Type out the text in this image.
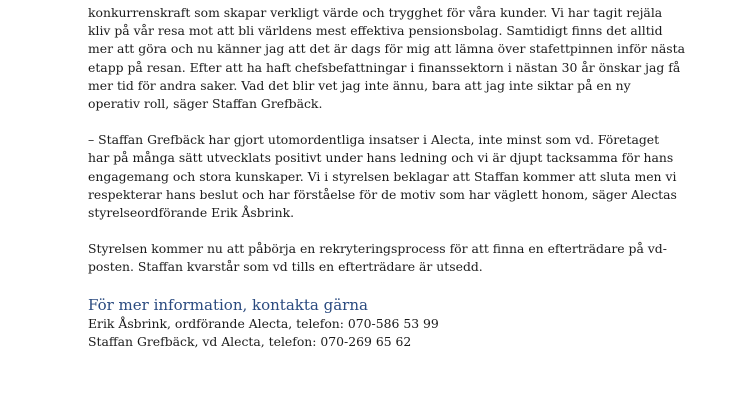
konkurrenskraft som skapar verkligt värde och trygghet för våra kunder. Vi har tagit rejäla
kliv på vår resa mot att bli världens mest effektiva pensionsbolag. Samtidigt finns det alltid
mer att göra och nu känner jag att det är dags för mig att lämna över stafettpinnen inför nästa
etapp på resan. Efter att ha haft chefsbefattningar i finanssektorn i nästan 30 år önskar jag få
mer tid för andra saker. Vad det blir vet jag inte ännu, bara att jag inte siktar på en ny
operativ roll, säger Staffan Grefbäck.
– Staffan Grefbäck har gjort utomordentliga insatser i Alecta, inte minst som vd. Företaget
har på många sätt utvecklats positivt under hans ledning och vi är djupt tacksamma för hans
engagemang och stora kunskaper. Vi i styrelsen beklagar att Staffan kommer att sluta men vi
respekterar hans beslut och har förståelse för de motiv som har väglett honom, säger Alectas
styrelseordförande Erik Åsbrink.
Styrelsen kommer nu att påbörja en rekryteringsprocess för att finna en efterträdare på vd-
posten. Staffan kvarstår som vd tills en efterträdare är utsedd.
För mer information, kontakta gärna

Erik Åsbrink, ordförande Alecta, telefon: 070-586 53 99

Staffan Grefbäck, vd Alecta, telefon: 070-269 65 62
